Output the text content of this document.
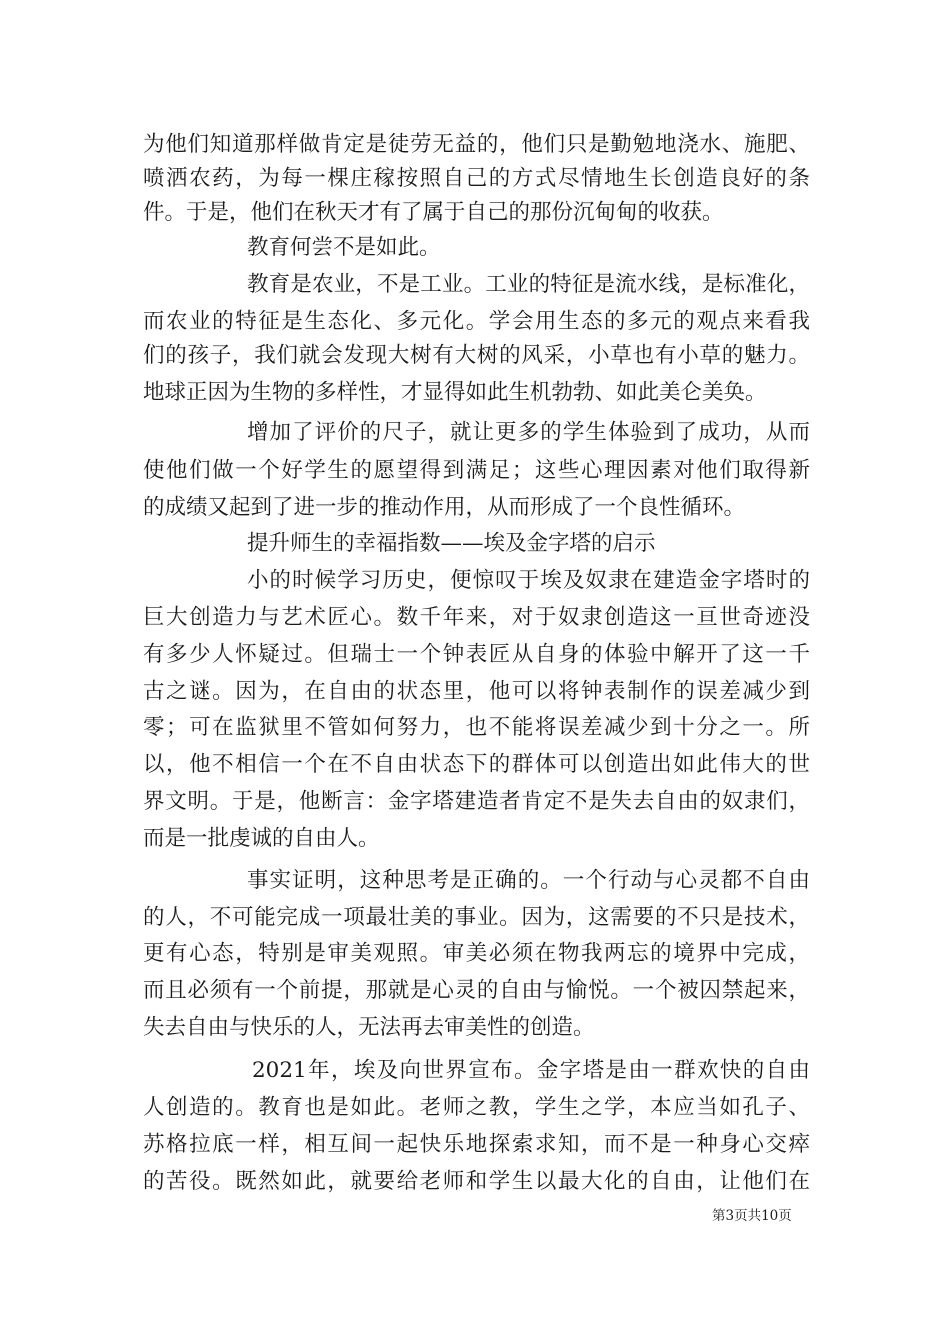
为他们知道那样做肯定是徒劳无益的，他们只是勤勉地浇水、施肥、
喷洒农药，为每一棵庄稼按照自己的方式尽情地生长创造良好的条
件。于是，他们在秋天才有了属于自己的那份沉甸甸的收获。
教育何尝不是如此。
教育是农业，不是工业。工业的特征是流水线，是标准化，
而农业的特征是生态化、多元化。学会用生态的多元的观点来看我
们的孩子，我们就会发现大树有大树的风采，小草也有小草的魅力。
地球正因为生物的多样性，才显得如此生机勃勃、如此美仑美奂。
增加了评价的尺子，就让更多的学生体验到了成功，从而
使他们做一个好学生的愿望得到满足；这些心理因素对他们取得新
的成绩又起到了进一步的推动作用，从而形成了一个良性循环。
提升师生的幸福指数——埃及金字塔的启示
小的时候学习历史，便惊叹于埃及奴隶在建造金字塔时的
巨大创造力与艺术匠心。数千年来，对于奴隶创造这一亘世奇迹没
有多少人怀疑过。但瑞士一个钟表匠从自身的体验中解开了这一千
古之谜。因为，在自由的状态里，他可以将钟表制作的误差减少到
零；可在监狱里不管如何努力，也不能将误差减少到十分之一。所
以，他不相信一个在不自由状态下的群体可以创造出如此伟大的世
界文明。于是，他断言：金字塔建造者肯定不是失去自由的奴隶们，
而是一批虔诚的自由人。
事实证明，这种思考是正确的。一个行动与心灵都不自由
的人，不可能完成一项最壮美的事业。因为，这需要的不只是技术，
更有心态，特别是审美观照。审美必须在物我两忘的境界中完成，
而且必须有一个前提，那就是心灵的自由与愉悦。一个被囚禁起来，
失去自由与快乐的人，无法再去审美性的创造。
2021年，埃及向世界宣布。金字塔是由一群欢快的自由
人创造的。教育也是如此。老师之教，学生之学，本应当如孔子、
苏格拉底一样，相互间一起快乐地探索求知，而不是一种身心交瘁
的苦役。既然如此，就要给老师和学生以最大化的自由，让他们在
第3页共10页
